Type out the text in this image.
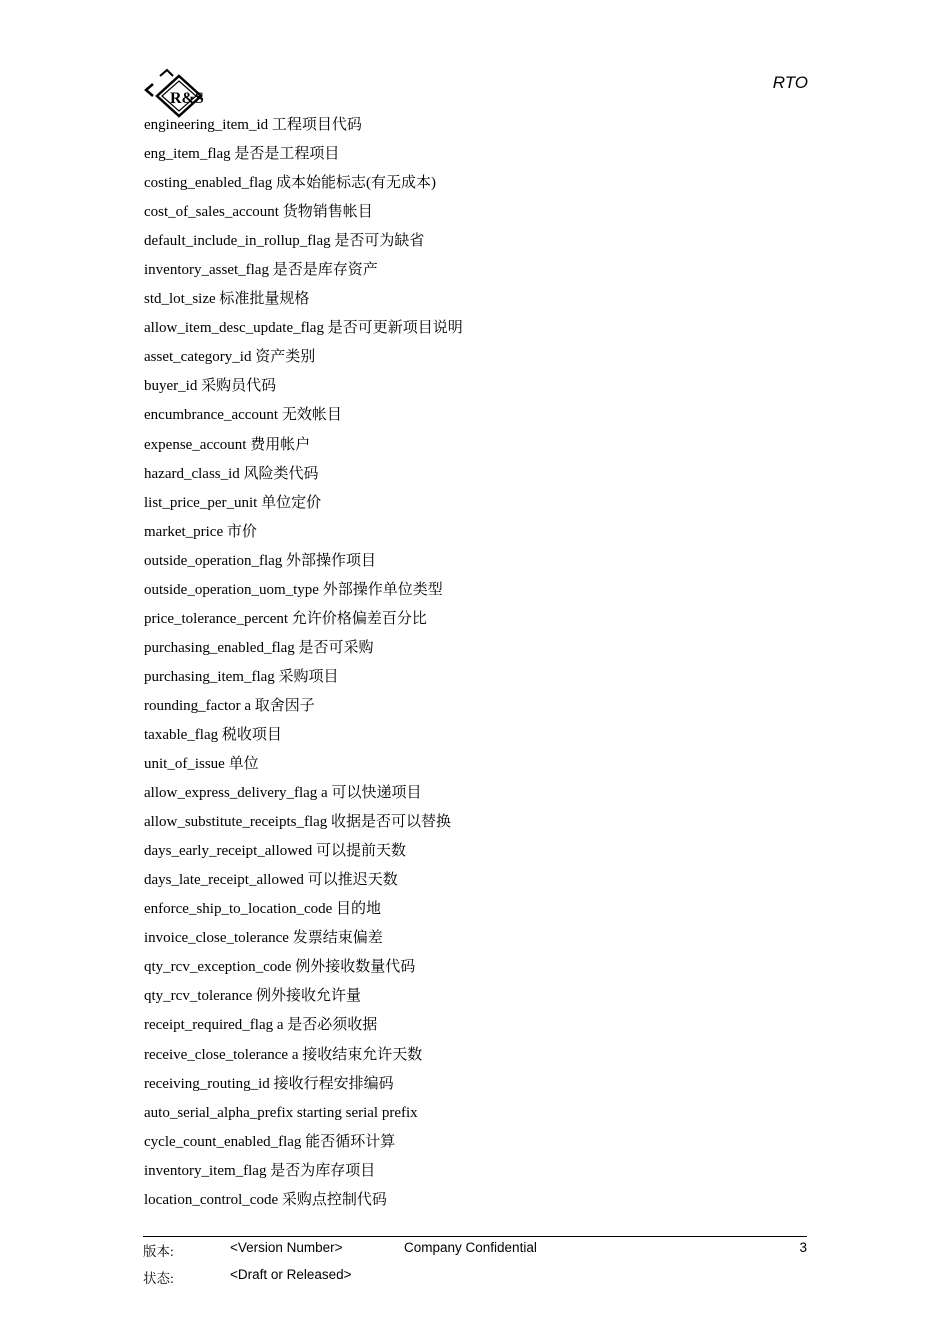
R&S
RTO
engineering_item_id 工程项目代码
eng_item_flag 是否是工程项目
costing_enabled_flag 成本始能标志(有无成本)
cost_of_sales_account 货物销售帐目
default_include_in_rollup_flag 是否可为缺省
inventory_asset_flag 是否是库存资产
std_lot_size 标准批量规格
allow_item_desc_update_flag 是否可更新项目说明
asset_category_id 资产类别
buyer_id 采购员代码
encumbrance_account 无效帐目
expense_account 费用帐户
hazard_class_id 风险类代码
list_price_per_unit 单位定价
market_price 市价
outside_operation_flag 外部操作项目
outside_operation_uom_type 外部操作单位类型
price_tolerance_percent 允许价格偏差百分比
purchasing_enabled_flag 是否可采购
purchasing_item_flag 采购项目
rounding_factor a 取舍因子
taxable_flag 税收项目
unit_of_issue 单位
allow_express_delivery_flag a 可以快递项目
allow_substitute_receipts_flag 收据是否可以替换
days_early_receipt_allowed 可以提前天数
days_late_receipt_allowed 可以推迟天数
enforce_ship_to_location_code 目的地
invoice_close_tolerance 发票结束偏差
qty_rcv_exception_code 例外接收数量代码
qty_rcv_tolerance 例外接收允许量
receipt_required_flag a 是否必须收据
receive_close_tolerance a 接收结束允许天数
receiving_routing_id 接收行程安排编码
auto_serial_alpha_prefix starting serial prefix
cycle_count_enabled_flag 能否循环计算
inventory_item_flag 是否为库存项目
location_control_code 采购点控制代码
版本:	<Version Number>	Company Confidential	3
状态:	<Draft or Released>
